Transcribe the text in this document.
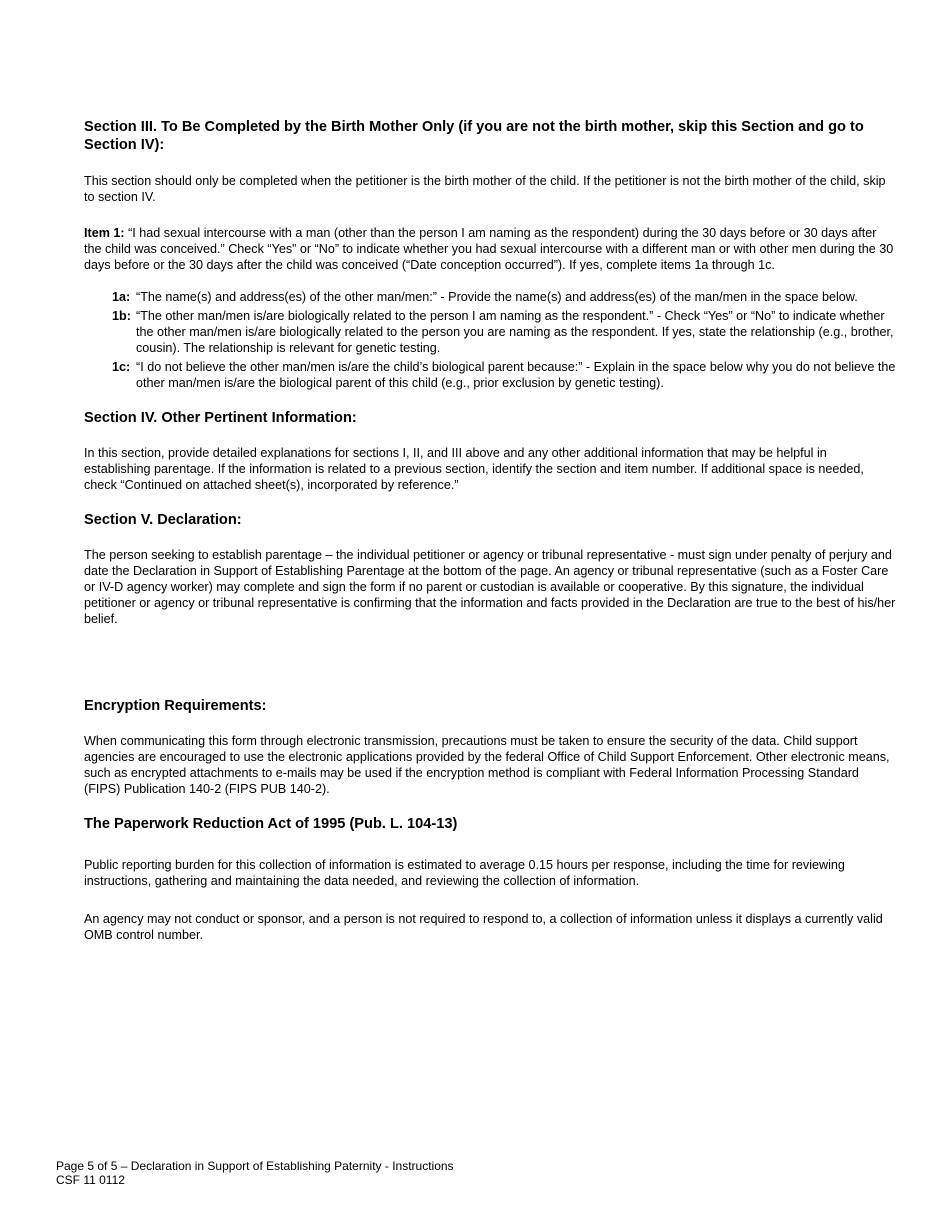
Section III. To Be Completed by the Birth Mother Only (if you are not the birth mother, skip this Section and go to Section IV):

This section should only be completed when the petitioner is the birth mother of the child. If the petitioner is not the birth mother of the child, skip to section IV.

Item 1: “I had sexual intercourse with a man (other than the person I am naming as the respondent) during the 30 days before or 30 days after the child was conceived.” Check “Yes” or “No” to indicate whether you had sexual intercourse with a different man or with other men during the 30 days before or the 30 days after the child was conceived (“Date conception occurred”). If yes, complete items 1a through 1c.

1a: “The name(s) and address(es) of the other man/men:” - Provide the name(s) and address(es) of the man/men in the space below.
1b: “The other man/men is/are biologically related to the person I am naming as the respondent.” - Check “Yes” or “No” to indicate whether the other man/men is/are biologically related to the person you are naming as the respondent. If yes, state the relationship (e.g., brother, cousin). The relationship is relevant for genetic testing.
1c: “I do not believe the other man/men is/are the child’s biological parent because:” - Explain in the space below why you do not believe the other man/men is/are the biological parent of this child (e.g., prior exclusion by genetic testing).
Section IV. Other Pertinent Information:

In this section, provide detailed explanations for sections I, II, and III above and any other additional information that may be helpful in establishing parentage. If the information is related to a previous section, identify the section and item number. If additional space is needed, check “Continued on attached sheet(s), incorporated by reference.”

Section V. Declaration:

The person seeking to establish parentage – the individual petitioner or agency or tribunal representative - must sign under penalty of perjury and date the Declaration in Support of Establishing Parentage at the bottom of the page. An agency or tribunal representative (such as a Foster Care or IV-D agency worker) may complete and sign the form if no parent or custodian is available or cooperative. By this signature, the individual petitioner or agency or tribunal representative is confirming that the information and facts provided in the Declaration are true to the best of his/her belief.

Encryption Requirements:

When communicating this form through electronic transmission, precautions must be taken to ensure the security of the data. Child support agencies are encouraged to use the electronic applications provided by the federal Office of Child Support Enforcement. Other electronic means, such as encrypted attachments to e-mails may be used if the encryption method is compliant with Federal Information Processing Standard (FIPS) Publication 140-2 (FIPS PUB 140-2).

The Paperwork Reduction Act of 1995 (Pub. L. 104-13)

Public reporting burden for this collection of information is estimated to average 0.15 hours per response, including the time for reviewing instructions, gathering and maintaining the data needed, and reviewing the collection of information.

An agency may not conduct or sponsor, and a person is not required to respond to, a collection of information unless it displays a currently valid OMB control number.

Page 5 of 5 – Declaration in Support of Establishing Paternity - Instructions
CSF 11 0112
